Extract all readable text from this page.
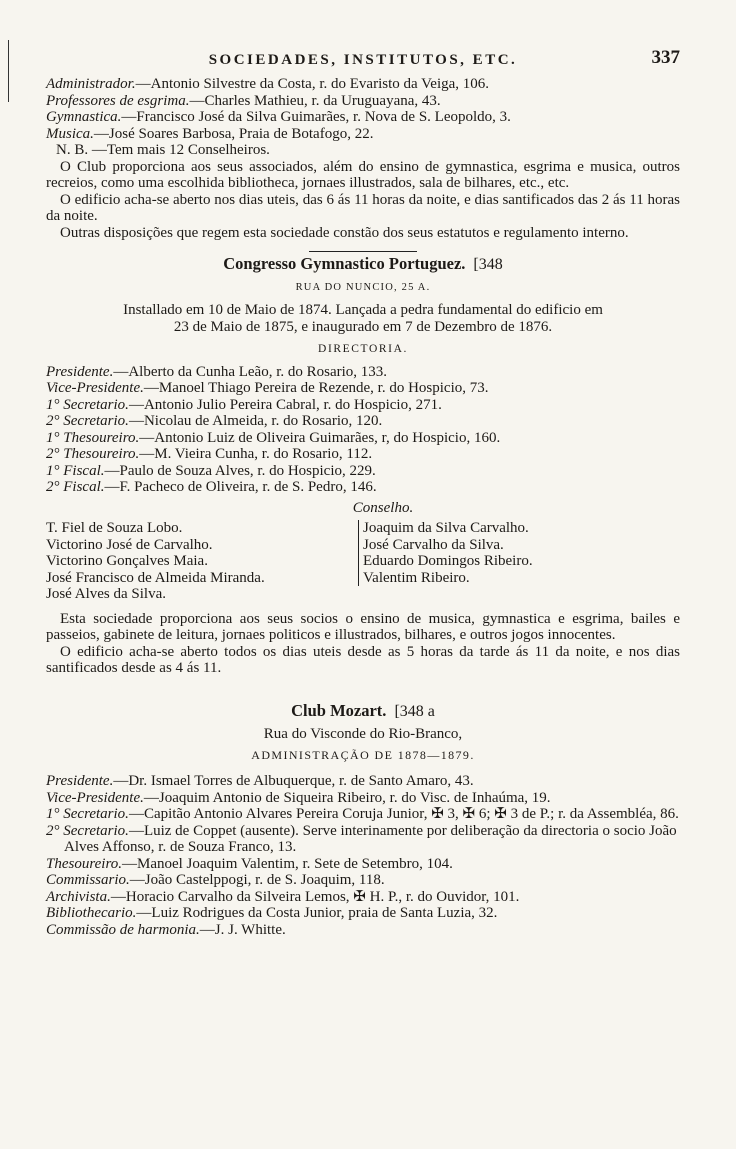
SOCIEDADES, INSTITUTOS, ETC.	337

Administrador.—Antonio Silvestre da Costa, r. do Evaristo da Veiga, 106.

Professores de esgrima.—Charles Mathieu, r. da Uruguayana, 43.

Gymnastica.—Francisco José da Silva Guimarães, r. Nova de S. Leopoldo, 3.

Musica.—José Soares Barbosa, Praia de Botafogo, 22.

N. B. —Tem mais 12 Conselheiros.

O Club proporciona aos seus associados, além do ensino de gymnastica, esgrima e musica, outros recreios, como uma escolhida bibliotheca, jornaes illustrados, sala de bilhares, etc., etc.

O edificio acha-se aberto nos dias uteis, das 6 ás 11 horas da noite, e dias santificados das 2 ás 11 horas da noite.

Outras disposições que regem esta sociedade constão dos seus estatutos e regulamento interno.

Congresso Gymnastico Portuguez. [348
RUA DO NUNCIO, 25 A.

Installado em 10 de Maio de 1874. Lançada a pedra fundamental do edificio em

23 de Maio de 1875, e inaugurado em 7 de Dezembro de 1876.

DIRECTORIA.

Presidente.—Alberto da Cunha Leão, r. do Rosario, 133.

Vice-Presidente.—Manoel Thiago Pereira de Rezende, r. do Hospicio, 73.

1° Secretario.—Antonio Julio Pereira Cabral, r. do Hospicio, 271.

2° Secretario.—Nicolau de Almeida, r. do Rosario, 120.

1° Thesoureiro.—Antonio Luiz de Oliveira Guimarães, r, do Hospicio, 160.

2° Thesoureiro.—M. Vieira Cunha, r. do Rosario, 112.

1° Fiscal.—Paulo de Souza Alves, r. do Hospicio, 229.

2° Fiscal.—F. Pacheco de Oliveira, r. de S. Pedro, 146.

Conselho.

T. Fiel de Souza Lobo.

Victorino José de Carvalho.

Victorino Gonçalves Maia.

José Francisco de Almeida Miranda.

José Alves da Silva.

Joaquim da Silva Carvalho.

José Carvalho da Silva.

Eduardo Domingos Ribeiro.

Valentim Ribeiro.

Esta sociedade proporciona aos seus socios o ensino de musica, gymnastica e esgrima, bailes e passeios, gabinete de leitura, jornaes politicos e illustrados, bilhares, e outros jogos innocentes.

O edificio acha-se aberto todos os dias uteis desde as 5 horas da tarde ás 11 da noite, e nos dias santificados desde as 4 ás 11.

Club Mozart. [348 a

Rua do Visconde do Rio-Branco,

ADMINISTRAÇÃO DE 1878—1879.

Presidente.—Dr. Ismael Torres de Albuquerque, r. de Santo Amaro, 43.

Vice-Presidente.—Joaquim Antonio de Siqueira Ribeiro, r. do Visc. de Inhaúma, 19.

1° Secretario.—Capitão Antonio Alvares Pereira Coruja Junior, ✠ 3, ✠ 6; ✠ 3 de P.; r. da Assembléa, 86.

2° Secretario.—Luiz de Coppet (ausente). Serve interinamente por deliberação da directoria o socio João Alves Affonso, r. de Souza Franco, 13.

Thesoureiro.—Manoel Joaquim Valentim, r. Sete de Setembro, 104.

Commissario.—João Castelppogi, r. de S. Joaquim, 118.

Archivista.—Horacio Carvalho da Silveira Lemos, ✠ H. P., r. do Ouvidor, 101.

Bibliothecario.—Luiz Rodrigues da Costa Junior, praia de Santa Luzia, 32.

Commissão de harmonia.—J. J. Whitte.
